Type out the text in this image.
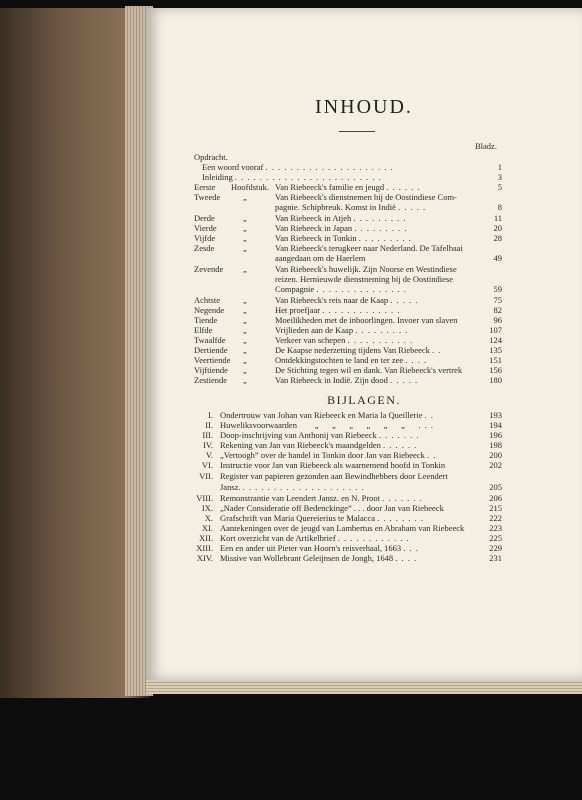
INHOUD.
Bladz.
Opdracht.
Een woord vooraf . . . . . . . . . . . . . . . . . . . . .	1
Inleiding . . . . . . . . . . . . . . . . . . . . . . . .	3
Eerste Hoofdstuk. Van Riebeeck's familie en jeugd . . . . . .	5
Tweede	„	Van Riebeeck's dienstnemen bij de Oostindiese Com-
pagnie. Schipbreuk. Komst in Indië . . . . .	8
Derde	„	Van Riebeeck in Atjeh . . . . . . . . .	11
Vierde	„	Van Riebeeck in Japan . . . . . . . . .	20
Vijfde	„	Van Riebeeck in Tonkin . . . . . . . . .	28
Zesde	„	Van Riebeeck's terugkeer naar Nederland. De Tafelbaai
aangedaan om de Haerlem	49
Zevende „	Van Riebeeck's huwelijk. Zijn Noorse en Westindiese
reizen. Hernieuwde dienstneming bij de Oostindiese
Compagnie . . . . . . . . . . . . . . .	59
Achtste	„	Van Riebeeck's reis naar de Kaap . . . . .	75
Negende „	Het proefjaar . . . . . . . . . . . . .	82
Tiende	„	Moeilikheden met de inboorlingen. Invoer van slaven	96
Elfde	„	Vrijlieden aan de Kaap . . . . . . . . .	107
Twaalfde „	Verkeer van schepen . . . . . . . . . . .	124
Dertiende „	De Kaapse nederzetting tijdens Van Riebeeck . .	135
Veertiende „	Ontdekkingstochten te land en ter zee . . . .	151
Vijftiende „	De Stichting tegen wil en dank. Van Riebeeck's vertrek	156
Zestiende „	Van Riebeeck in Indië. Zijn dood . . . . .	180
BIJLAGEN.
I. Ondertrouw van Johan van Riebeeck en Maria la Queillerie . .	193
II. Huweliksvoorwaarden      „    „    „    „    „    „    . . .	194
III. Doop-inschrijving van Anthonij van Riebeeck . . . . . . .	196
IV. Rekening van Jan van Riebeeck's maandgelden . . . . . .	198
V. „Vertoogh” over de handel in Tonkin door Jan van Riebeeck . .	200
VI. Instructie voor Jan van Riebeeck als waarnemend hoofd in Tonkin	202
VII. Register van papieren gezonden aan Bewindhebbers door Leendert
Jansz. . . . . . . . . . . . . . . . . . . . .	205
VIII. Remonstrantie van Leendert Jansz. en N. Proot . . . . . . .	206
IX. „Nader Consideratie off Bedenckinge” . . . door Jan van Riebeeck	215
X. Grafschrift van Maria Quereierius te Malacca . . . . . . . .	222
XI. Aantekeningen over de jeugd van Lambertus en Abraham van Riebeeck	223
XII. Kort overzicht van de Artikelbrief . . . . . . . . . . . .	225
XIII. Een en ander uit Pieter van Hoorn's reisverhaal, 1663 . . .	229
XIV. Missive van Wollebrant Geleijnsen de Jongh, 1648 . . . .	231
